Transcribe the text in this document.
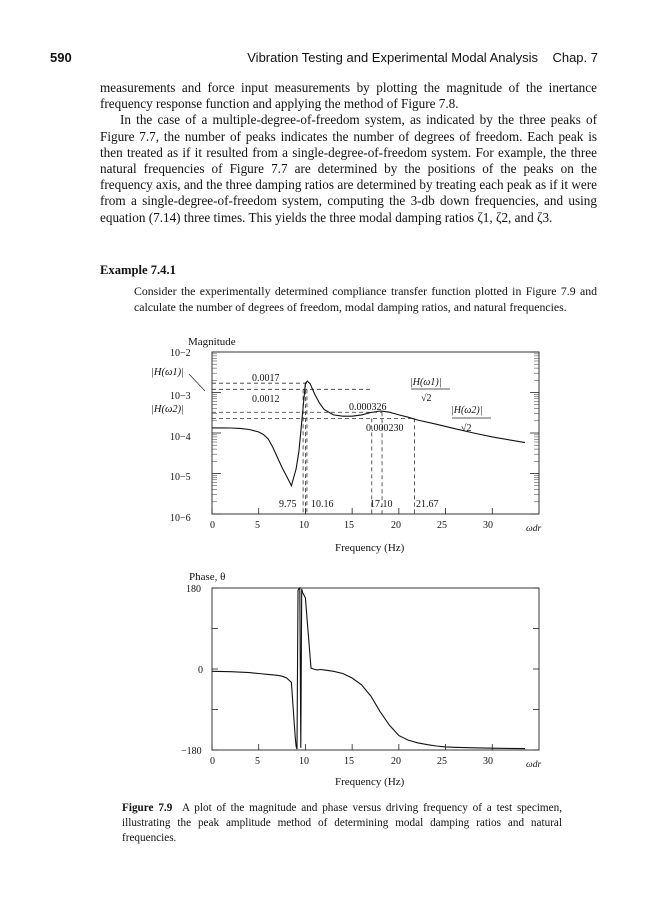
590	Vibration Testing and Experimental Modal Analysis Chap. 7

measurements and force input measurements by plotting the magnitude of the inertance frequency response function and applying the method of Figure 7.8.

In the case of a multiple-degree-of-freedom system, as indicated by the three peaks of Figure 7.7, the number of peaks indicates the number of degrees of freedom. Each peak is then treated as if it resulted from a single-degree-of-freedom system. For example, the three natural frequencies of Figure 7.7 are determined by the positions of the peaks on the frequency axis, and the three damping ratios are determined by treating each peak as if it were from a single-degree-of-freedom system, computing the 3-db down frequencies, and using equation (7.14) three times. This yields the three modal damping ratios ζ1, ζ2, and ζ3.

Example 7.4.1
Consider the experimentally determined compliance transfer function plotted in Figure 7.9 and calculate the number of degrees of freedom, modal damping ratios, and natural frequencies.
Magnitude
10−2
10−3
10−4
10−5
10−6
|H(ω1)|
|H(ω2)|
0.0017
0.0012
0.000326
0.000230
|H(ω1)|
√2
|H(ω2)|
√2
9.75 10.16	17.10 21.67
0	5	10	15	20	25	30	ωdr
Frequency (Hz)
Phase, θ
180
0
−180
0	5	10	15	20	25	30	ωdr
Frequency (Hz)
Figure 7.9 A plot of the magnitude and phase versus driving frequency of a test specimen, illustrating the peak amplitude method of determining modal damping ratios and natural frequencies.
